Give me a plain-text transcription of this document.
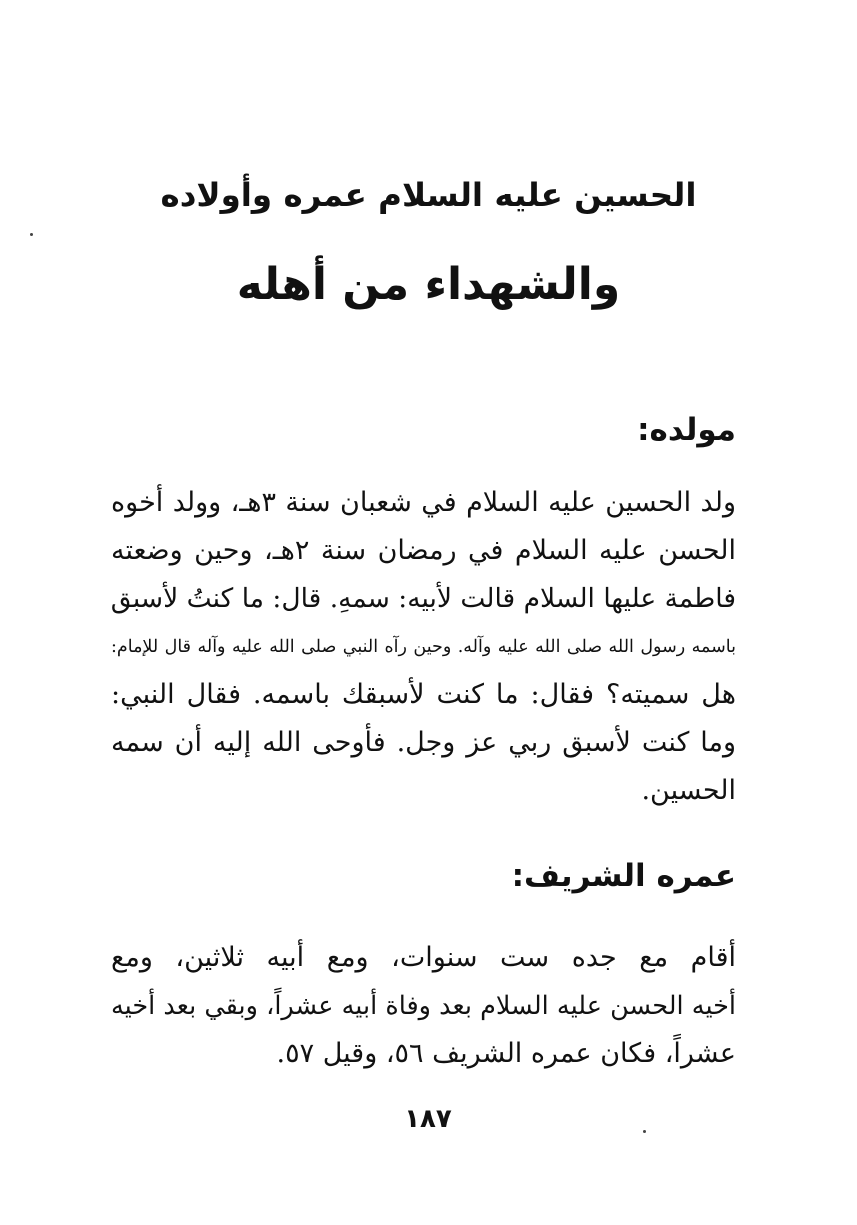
الحسين عليه السلام عمره وأولاده
والشهداء من أهله
مولده:
ولد الحسين عليه السلام في شعبان سنة ٣هـ، وولد أخوه
الحسن عليه السلام في رمضان سنة ٢هـ، وحين وضعته
فاطمة عليها السلام قالت لأبيه: سمهِ. قال: ما كنتُ لأسبق
باسمه رسول الله صلى الله عليه وآله. وحين رآه النبي صلى الله عليه وآله قال للإمام:
هل سميته؟ فقال: ما كنت لأسبقك باسمه. فقال النبي:
وما كنت لأسبق ربي عز وجل. فأوحى الله إليه أن سمه
الحسين.
عمره الشريف:
أقام مع جده ست سنوات، ومع أبيه ثلاثين، ومع
أخيه الحسن عليه السلام بعد وفاة أبيه عشراً، وبقي بعد أخيه
عشراً، فكان عمره الشريف ٥٦، وقيل ٥٧.
١٨٧
